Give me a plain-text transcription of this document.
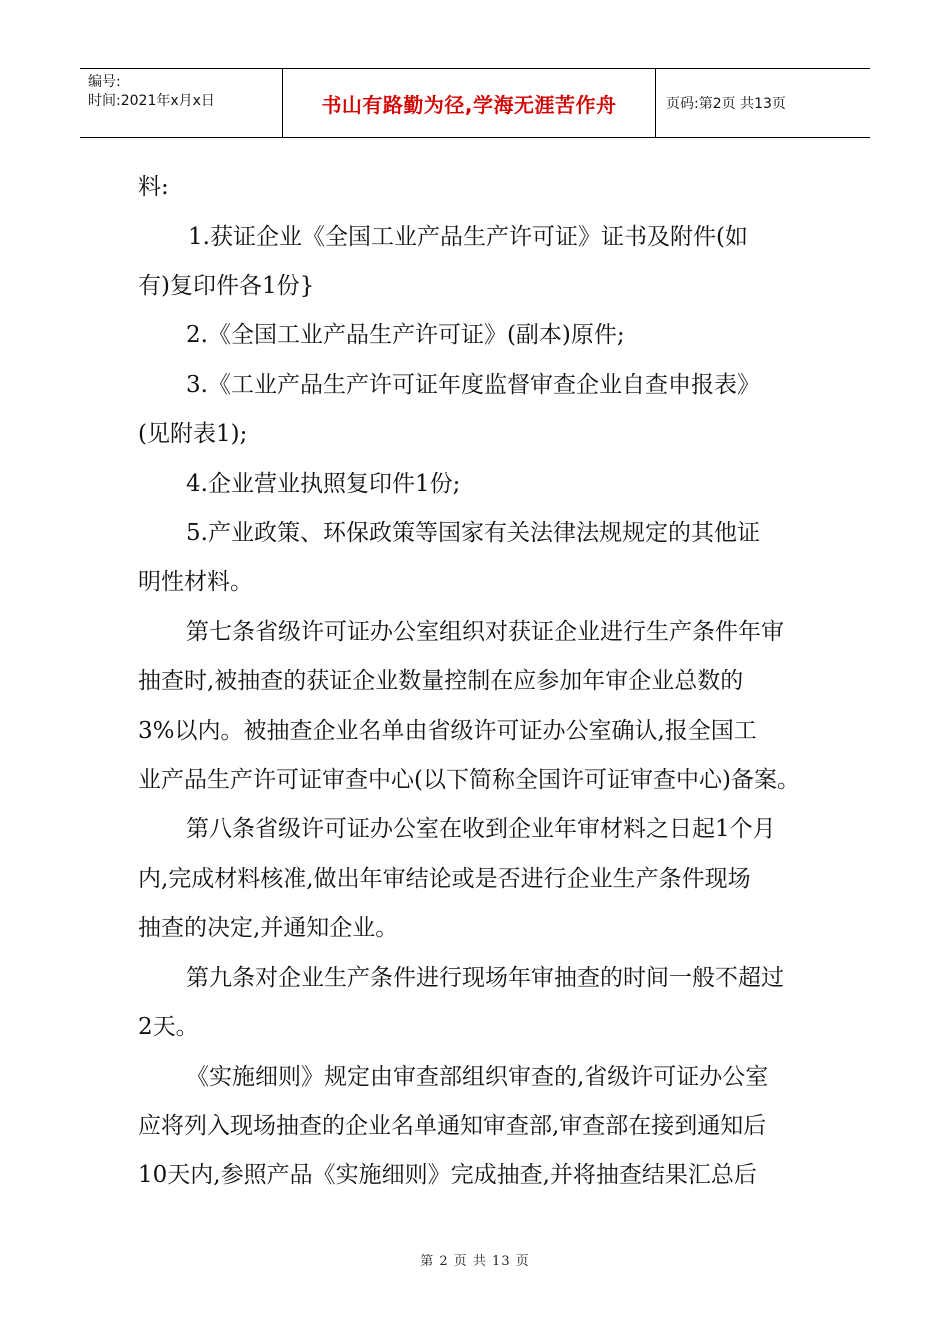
编号:
时间:2021年x月x日	书山有路勤为径,学海无涯苦作舟	页码:第2页 共13页
料:
1.获证企业《全国工业产品生产许可证》证书及附件(如
有)复印件各1份}
2.《全国工业产品生产许可证》(副本)原件;
3.《工业产品生产许可证年度监督审查企业自查申报表》
(见附表1);
4.企业营业执照复印件1份;
5.产业政策、环保政策等国家有关法律法规规定的其他证
明性材料。
第七条省级许可证办公室组织对获证企业进行生产条件年审
抽查时,被抽查的获证企业数量控制在应参加年审企业总数的
3%以内。被抽查企业名单由省级许可证办公室确认,报全国工
业产品生产许可证审查中心(以下简称全国许可证审查中心)备案。
第八条省级许可证办公室在收到企业年审材料之日起1个月
内,完成材料核准,做出年审结论或是否进行企业生产条件现场
抽查的决定,并通知企业。
第九条对企业生产条件进行现场年审抽查的时间一般不超过
2天。
《实施细则》规定由审查部组织审查的,省级许可证办公室
应将列入现场抽查的企业名单通知审查部,审查部在接到通知后
10天内,参照产品《实施细则》完成抽查,并将抽查结果汇总后
第 2 页 共 13 页
